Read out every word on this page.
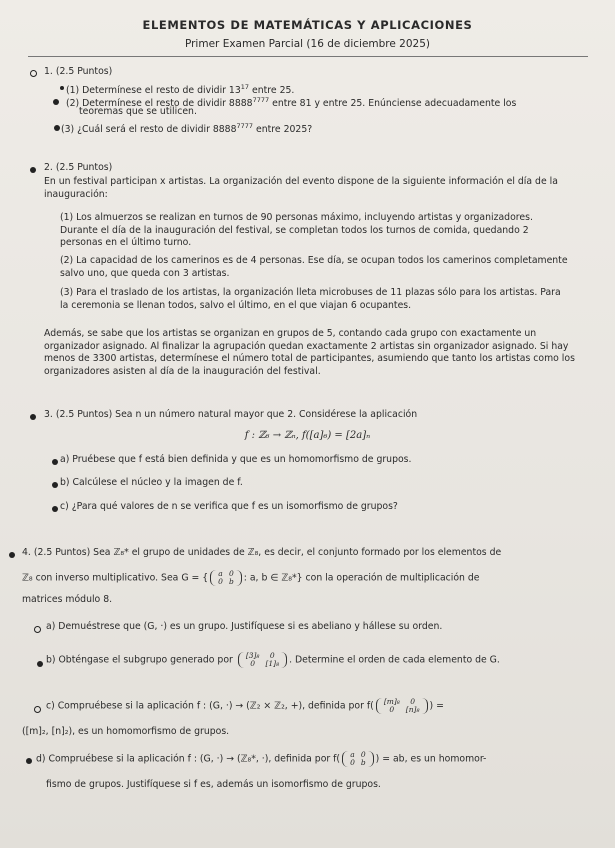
ELEMENTOS DE MATEMÁTICAS Y APLICACIONES
Primer Examen Parcial (16 de diciembre 2025)
1. (2.5 Puntos)
(1) Determínese el resto de dividir $13^{17}$ entre 25.
(2) Determínese el resto de dividir $8888^{7777}$ entre 81 y entre 25. Enúnciense adecuadamente los
teoremas que se utilicen.
(3) ¿Cuál será el resto de dividir $8888^{7777}$ entre 2025?
2. (2.5 Puntos)
En un festival participan x artistas. La organización del evento dispone de la siguiente información el día de la inauguración:
(1) Los almuerzos se realizan en turnos de 90 personas máximo, incluyendo artistas y organizadores. Durante el día de la inauguración del festival, se completan todos los turnos de comida, quedando 2 personas en el último turno.
(2) La capacidad de los camerinos es de 4 personas. Ese día, se ocupan todos los camerinos completamente salvo uno, que queda con 3 artistas.
(3) Para el traslado de los artistas, la organización lleta microbuses de 11 plazas sólo para los artistas. Para la ceremonia se llenan todos, salvo el último, en el que viajan 6 ocupantes.
Además, se sabe que los artistas se organizan en grupos de 5, contando cada grupo con exactamente un organizador asignado. Al finalizar la agrupación quedan exactamente 2 artistas sin organizador asignado. Si hay menos de 3300 artistas, determínese el número total de participantes, asumiendo que tanto los artistas como los organizadores asisten al día de la inauguración del festival.
3. (2.5 Puntos) Sea n un número natural mayor que 2. Considérese la aplicación
f : ℤ₆ → ℤₙ, f([a]₆) = [2a]ₙ
a) Pruébese que f está bien definida y que es un homomorfismo de grupos.
b) Calcúlese el núcleo y la imagen de f.
c) ¿Para qué valores de n se verifica que f es un isomorfismo de grupos?
4. (2.5 Puntos) Sea ℤ₈* el grupo de unidades de ℤ₈, es decir, el conjunto formado por los elementos de
ℤ₈ con inverso multiplicativo. Sea G = { a	0
0	b : a, b ∈ ℤ₈*} con la operación de multiplicación de
matrices módulo 8.
a) Demuéstrese que (G, ·) es un grupo. Justifíquese si es abeliano y hállese su orden.
b) Obténgase el subgrupo generado por [3]₈	0
0	[1]₈ . Determine el orden de cada elemento de G.
c) Compruébese si la aplicación f : (G, ·) → (ℤ₂ × ℤ₂, +), definida por f( [m]₈	0
0	[n]₈ ) =
([m]₂, [n]₂), es un homomorfismo de grupos.
d) Compruébese si la aplicación f : (G, ·) → (ℤ₈*, ·), definida por f( a	0
0	b ) = ab, es un homomor-
fismo de grupos. Justifíquese si f es, además un isomorfismo de grupos.
